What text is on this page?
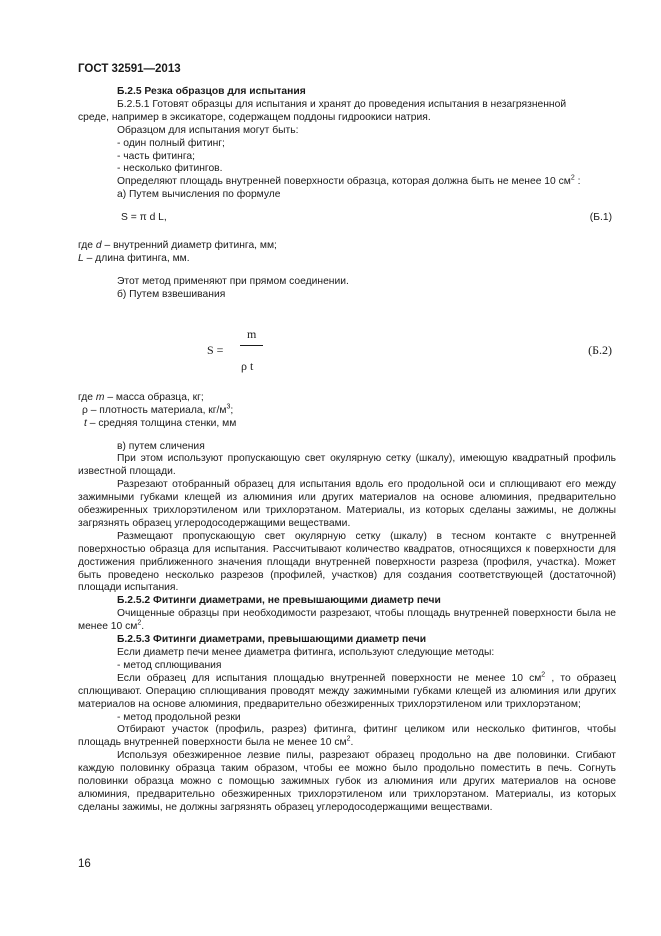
ГОСТ 32591—2013

Б.2.5 Резка образцов для испытания

Б.2.5.1 Готовят образцы для испытания и хранят до проведения испытания в незагрязненной

среде, например в эксикаторе, содержащем поддоны гидроокиси натрия.

Образцом для испытания могут быть:

- один полный фитинг;

- часть фитинга;

- несколько фитингов.

Определяют площадь внутренней поверхности образца, которая должна быть не менее 10 $см^2$ :

а) Путем вычисления по формуле

S = π d L,	(Б.1)

где d – внутренний диаметр фитинга, мм;

L – длина фитинга, мм.

Этот метод применяют при прямом соединении.

б) Путем взвешивания

S =
m
ρ t
(Б.2)

где m – масса образца, кг;

ρ – плотность материала, $кг/м^3$;

t – средняя толщина стенки, мм

в) путем сличения

При этом используют пропускающую свет окулярную сетку (шкалу), имеющую квадратный профиль известной площади.

Разрезают отобранный образец для испытания вдоль его продольной оси и сплющивают его между зажимными губками клещей из алюминия или других материалов на основе алюминия, предварительно обезжиренных трихлорэтиленом или трихлорэтаном. Материалы, из которых сделаны зажимы, не должны загрязнять образец углеродосодержащими веществами.

Размещают пропускающую свет окулярную сетку (шкалу) в тесном контакте с внутренней поверхностью образца для испытания. Рассчитывают количество квадратов, относящихся к поверхности для достижения приближенного значения площади внутренней поверхности разреза (профиля, участка). Может быть проведено несколько разрезов (профилей, участков) для создания соответствующей (достаточной) площади испытания.

Б.2.5.2 Фитинги диаметрами, не превышающими диаметр печи

Очищенные образцы при необходимости разрезают, чтобы площадь внутренней поверхности была не менее 10 $см^2$.

Б.2.5.3 Фитинги диаметрами, превышающими диаметр печи

Если диаметр печи менее диаметра фитинга, используют следующие методы:

- метод сплющивания

Если образец для испытания площадью внутренней поверхности не менее 10 $см^2$ , то образец сплющивают. Операцию сплющивания проводят между зажимными губками клещей из алюминия или других материалов на основе алюминия, предварительно обезжиренных трихлорэтиленом или трихлорэтаном;

- метод продольной резки

Отбирают участок (профиль, разрез) фитинга, фитинг целиком или несколько фитингов, чтобы площадь внутренней поверхности была не менее 10 $см^2$.

Используя обезжиренное лезвие пилы, разрезают образец продольно на две половинки. Сгибают каждую половинку образца таким образом, чтобы ее можно было продольно поместить в печь. Согнуть половинки образца можно с помощью зажимных губок из алюминия или других материалов на основе алюминия, предварительно обезжиренных трихлорэтиленом или трихлорэтаном. Материалы, из которых сделаны зажимы, не должны загрязнять образец углеродосодержащими веществами.

16
